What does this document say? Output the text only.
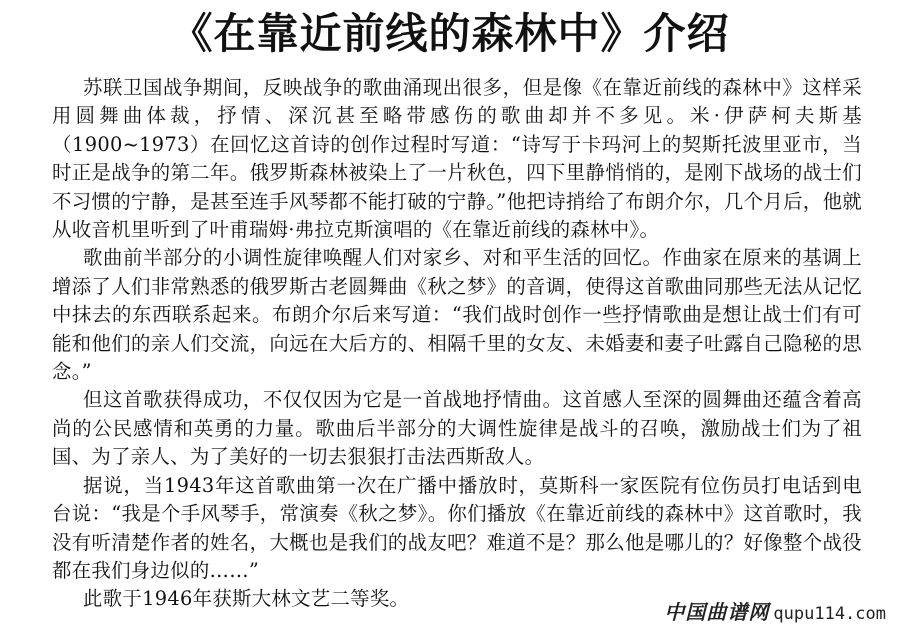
《在靠近前线的森林中》介绍

苏联卫国战争期间，反映战争的歌曲涌现出很多，但是像《在靠近前线的森林中》这样采用圆舞曲体裁，抒情、深沉甚至略带感伤的歌曲却并不多见。米·伊萨柯夫斯基（1900~1973）在回忆这首诗的创作过程时写道：“诗写于卡玛河上的契斯托波里亚市，当时正是战争的第二年。俄罗斯森林被染上了一片秋色，四下里静悄悄的，是刚下战场的战士们不习惯的宁静，是甚至连手风琴都不能打破的宁静。”他把诗捎给了布朗介尔，几个月后，他就从收音机里听到了叶甫瑞姆·弗拉克斯演唱的《在靠近前线的森林中》。

歌曲前半部分的小调性旋律唤醒人们对家乡、对和平生活的回忆。作曲家在原来的基调上增添了人们非常熟悉的俄罗斯古老圆舞曲《秋之梦》的音调，使得这首歌曲同那些无法从记忆中抹去的东西联系起来。布朗介尔后来写道：“我们战时创作一些抒情歌曲是想让战士们有可能和他们的亲人们交流，向远在大后方的、相隔千里的女友、未婚妻和妻子吐露自己隐秘的思念。”

但这首歌获得成功，不仅仅因为它是一首战地抒情曲。这首感人至深的圆舞曲还蕴含着高尚的公民感情和英勇的力量。歌曲后半部分的大调性旋律是战斗的召唤，激励战士们为了祖国、为了亲人、为了美好的一切去狠狠打击法西斯敌人。

据说，当1943年这首歌曲第一次在广播中播放时，莫斯科一家医院有位伤员打电话到电台说：“我是个手风琴手，常演奏《秋之梦》。你们播放《在靠近前线的森林中》这首歌时，我没有听清楚作者的姓名，大概也是我们的战友吧？难道不是？那么他是哪儿的？好像整个战役都在我们身边似的……”

此歌于1946年获斯大林文艺二等奖。

中国曲谱网 qupu114.com
